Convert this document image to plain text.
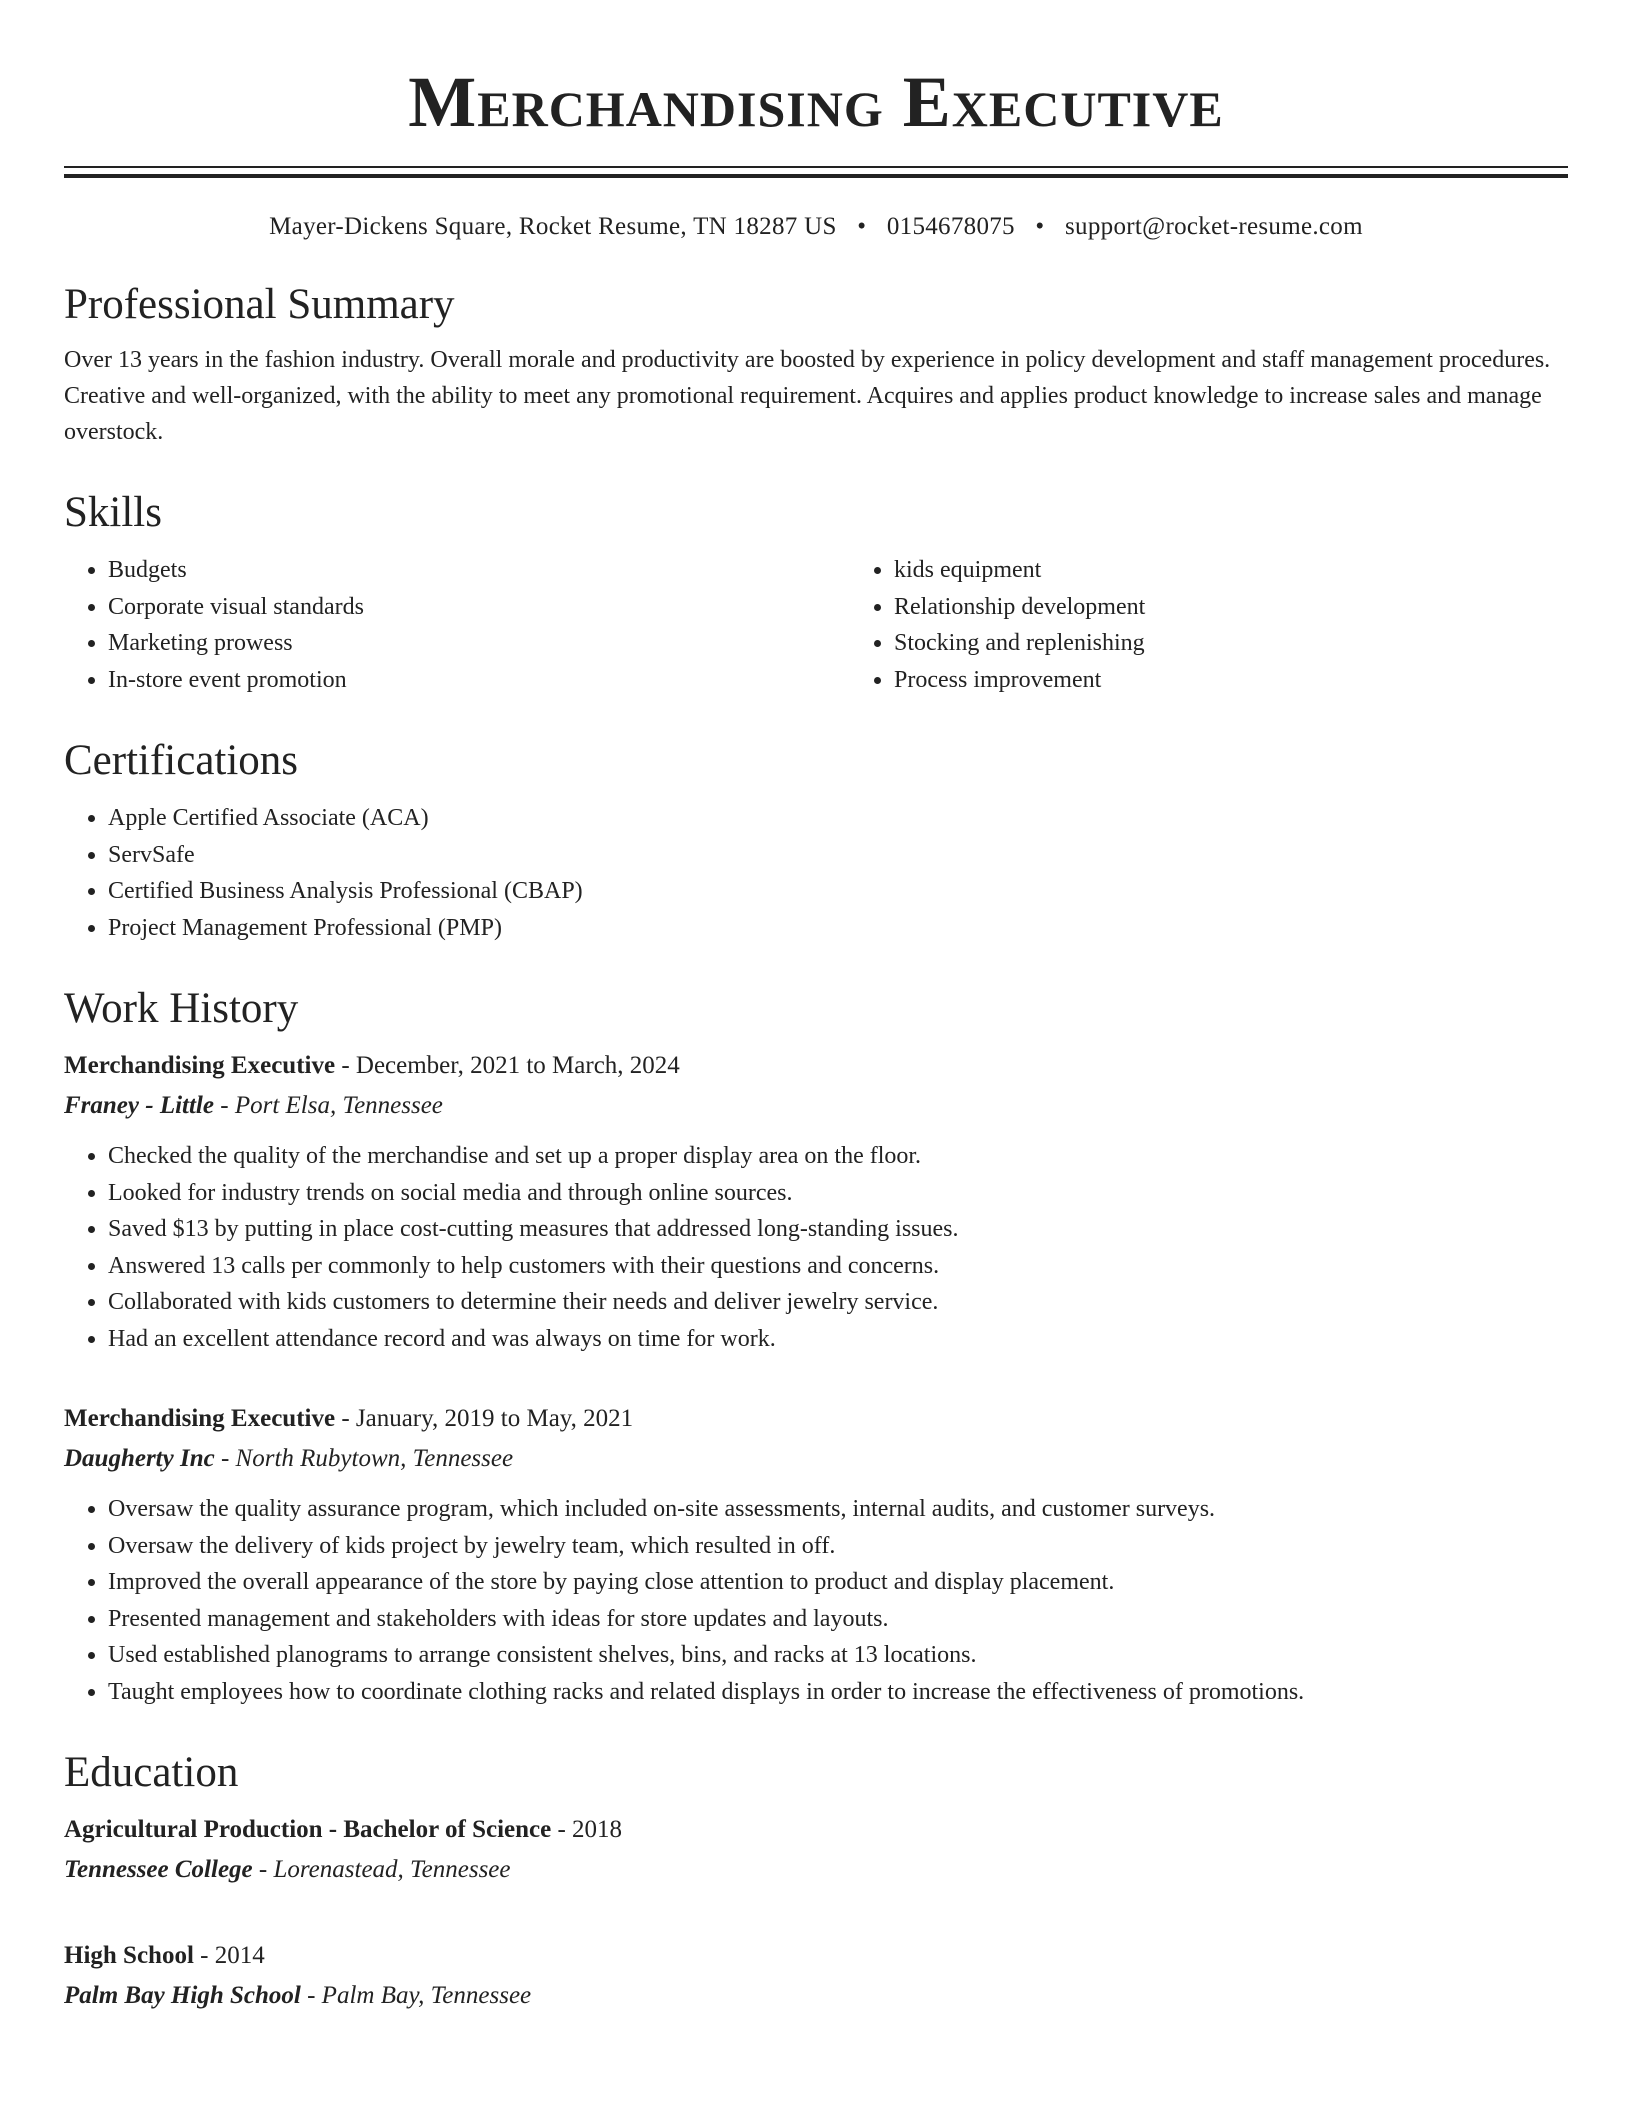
Merchandising Executive
Mayer-Dickens Square, Rocket Resume, TN 18287 US • 0154678075 • support@rocket-resume.com
Professional Summary

Over 13 years in the fashion industry. Overall morale and productivity are boosted by experience in policy development and staff management procedures. Creative and well-organized, with the ability to meet any promotional requirement. Acquires and applies product knowledge to increase sales and manage overstock.

Skills
• Budgets
• Corporate visual standards
• Marketing prowess
• In-store event promotion
• kids equipment
• Relationship development
• Stocking and replenishing
• Process improvement
Certifications
• Apple Certified Associate (ACA)
• ServSafe
• Certified Business Analysis Professional (CBAP)
• Project Management Professional (PMP)
Work History
Merchandising Executive - December, 2021 to March, 2024
Franey - Little - Port Elsa, Tennessee
• Checked the quality of the merchandise and set up a proper display area on the floor.
• Looked for industry trends on social media and through online sources.
• Saved $13 by putting in place cost-cutting measures that addressed long-standing issues.
• Answered 13 calls per commonly to help customers with their questions and concerns.
• Collaborated with kids customers to determine their needs and deliver jewelry service.
• Had an excellent attendance record and was always on time for work.
Merchandising Executive - January, 2019 to May, 2021
Daugherty Inc - North Rubytown, Tennessee
• Oversaw the quality assurance program, which included on-site assessments, internal audits, and customer surveys.
• Oversaw the delivery of kids project by jewelry team, which resulted in off.
• Improved the overall appearance of the store by paying close attention to product and display placement.
• Presented management and stakeholders with ideas for store updates and layouts.
• Used established planograms to arrange consistent shelves, bins, and racks at 13 locations.
• Taught employees how to coordinate clothing racks and related displays in order to increase the effectiveness of promotions.
Education
Agricultural Production - Bachelor of Science - 2018
Tennessee College - Lorenastead, Tennessee
High School - 2014
Palm Bay High School - Palm Bay, Tennessee
